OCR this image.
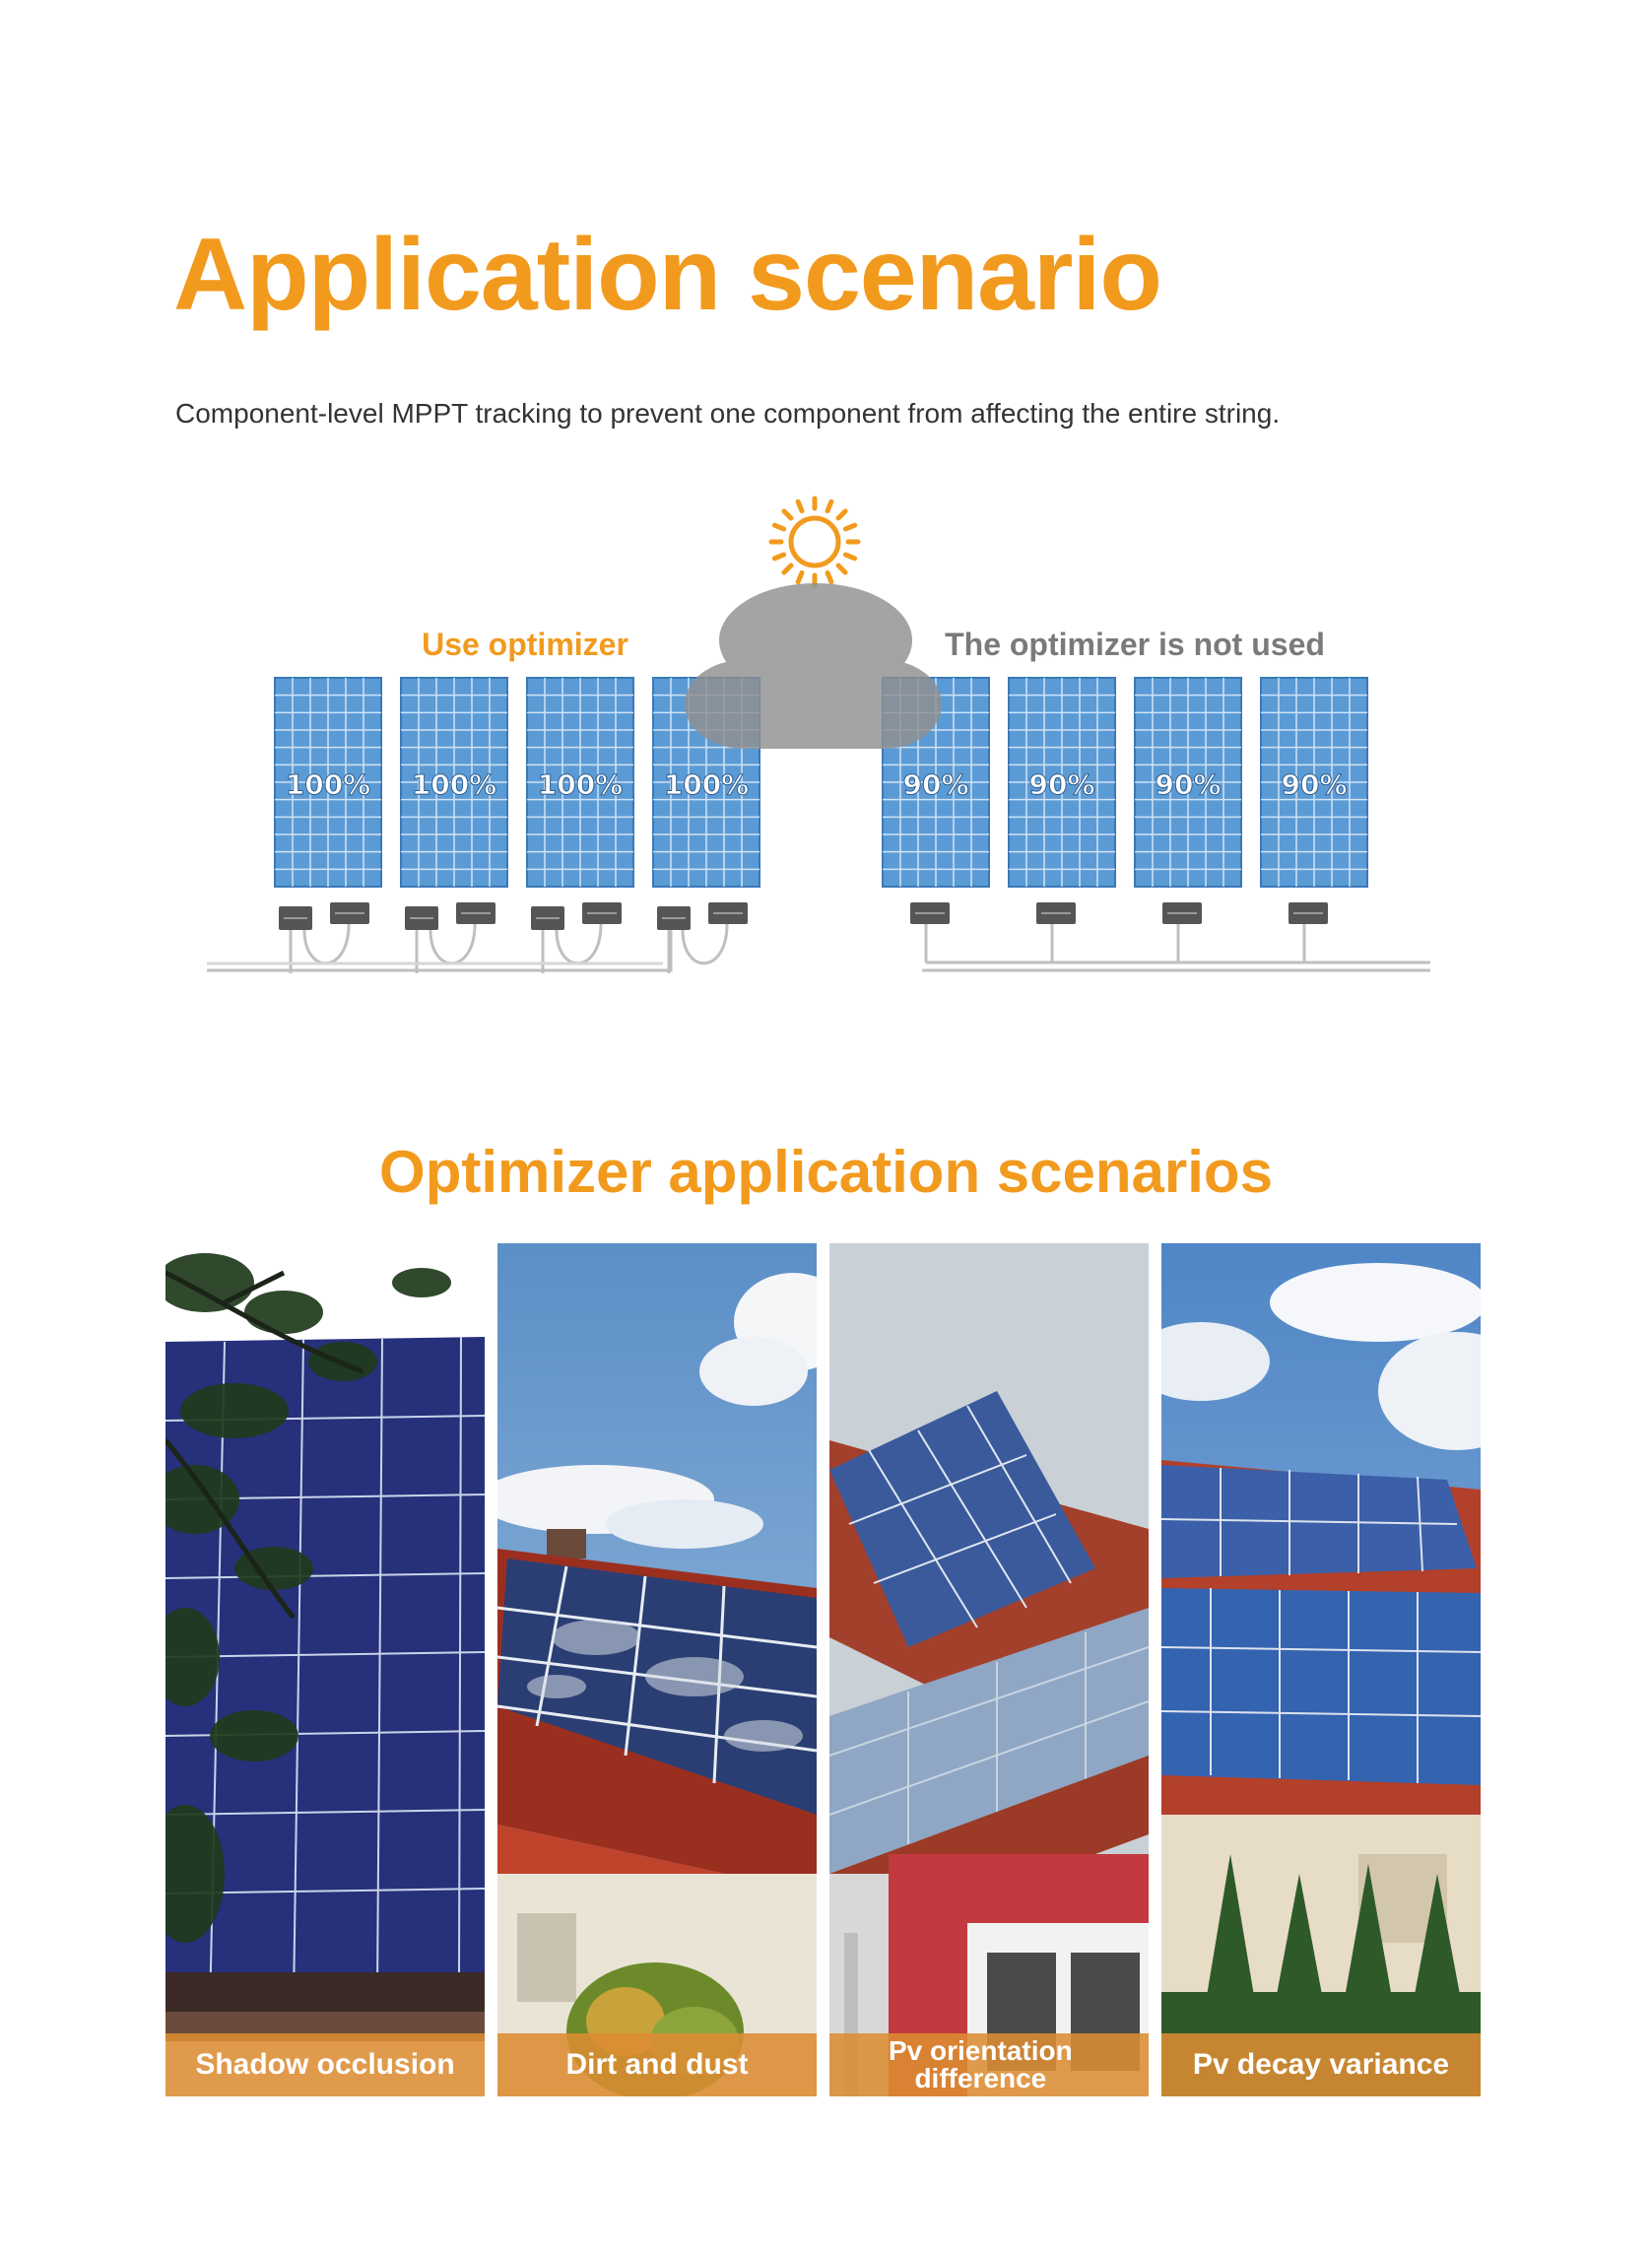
Application scenario

Component-level MPPT tracking to prevent one component from affecting the entire string.

Use optimizer	The optimizer is not used
100% 100% 100% 100%	90% 90% 90% 90%
Optimizer application scenarios
Shadow occlusion	Dirt and dust	Pv orientation
difference	Pv decay variance
